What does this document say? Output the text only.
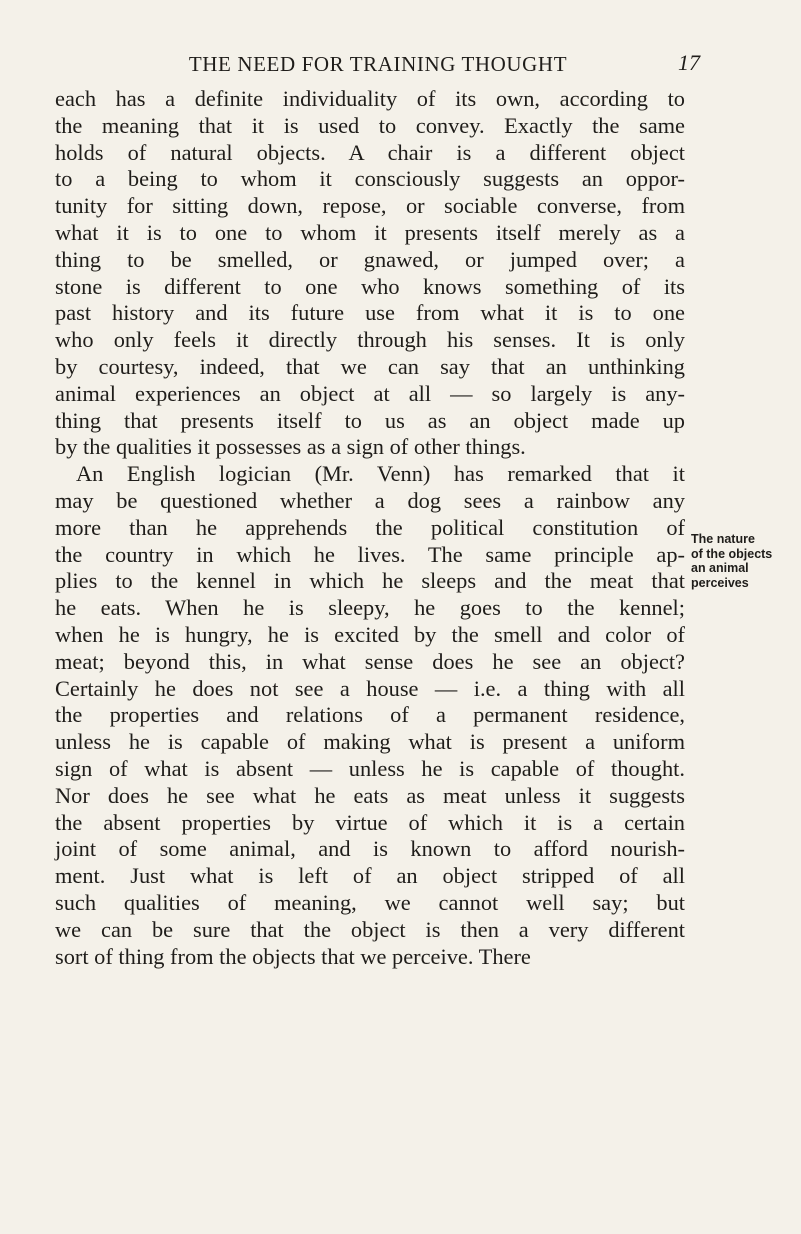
THE NEED FOR TRAINING THOUGHT	17
each has a definite individuality of its own, according to
the meaning that it is used to convey. Exactly the same
holds of natural objects. A chair is a different object
to a being to whom it consciously suggests an oppor-
tunity for sitting down, repose, or sociable converse, from
what it is to one to whom it presents itself merely as a
thing to be smelled, or gnawed, or jumped over; a
stone is different to one who knows something of its
past history and its future use from what it is to one
who only feels it directly through his senses. It is only
by courtesy, indeed, that we can say that an unthinking
animal experiences an object at all — so largely is any-
thing that presents itself to us as an object made up
by the qualities it possesses as a sign of other things.
An English logician (Mr. Venn) has remarked that it
may be questioned whether a dog sees a rainbow any
more than he apprehends the political constitution of
the country in which he lives. The same principle ap-
plies to the kennel in which he sleeps and the meat that
he eats. When he is sleepy, he goes to the kennel;
when he is hungry, he is excited by the smell and color of
meat; beyond this, in what sense does he see an object?
Certainly he does not see a house — i.e. a thing with all
the properties and relations of a permanent residence,
unless he is capable of making what is present a uniform
sign of what is absent — unless he is capable of thought.
Nor does he see what he eats as meat unless it suggests
the absent properties by virtue of which it is a certain
joint of some animal, and is known to afford nourish-
ment. Just what is left of an object stripped of all
such qualities of meaning, we cannot well say; but
we can be sure that the object is then a very different
sort of thing from the objects that we perceive. There
The nature
of the objects
an animal
perceives
